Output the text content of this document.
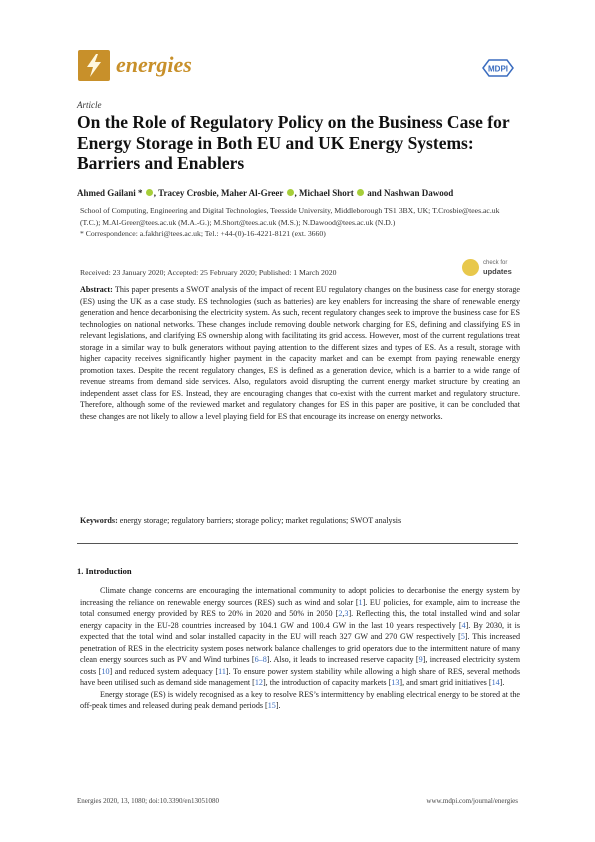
energies	MDPI
Article
On the Role of Regulatory Policy on the Business Case for Energy Storage in Both EU and UK Energy Systems: Barriers and Enablers
Ahmed Gailani * , Tracey Crosbie, Maher Al-Greer , Michael Short  and Nashwan Dawood
School of Computing, Engineering and Digital Technologies, Teesside University, Middleborough TS1 3BX, UK; T.Crosbie@tees.ac.uk (T.C.); M.Al-Greer@tees.ac.uk (M.A.-G.); M.Short@tees.ac.uk (M.S.); N.Dawood@tees.ac.uk (N.D.)
* Correspondence: a.fakhri@tees.ac.uk; Tel.: +44-(0)-16-4221-8121 (ext. 3660)
Received: 23 January 2020; Accepted: 25 February 2020; Published: 1 March 2020
check for
updates
Abstract: This paper presents a SWOT analysis of the impact of recent EU regulatory changes on the business case for energy storage (ES) using the UK as a case study. ES technologies (such as batteries) are key enablers for increasing the share of renewable energy generation and hence decarbonising the electricity system. As such, recent regulatory changes seek to improve the business case for ES technologies on national networks. These changes include removing double network charging for ES, defining and classifying ES in relevant legislations, and clarifying ES ownership along with facilitating its grid access. However, most of the current regulations treat storage in a similar way to bulk generators without paying attention to the different sizes and types of ES. As a result, storage with higher capacity receives significantly higher payment in the capacity market and can be exempt from paying renewable energy promotion taxes. Despite the recent regulatory changes, ES is defined as a generation device, which is a barrier to a wide range of revenue streams from demand side services. Also, regulators avoid disrupting the current energy market structure by creating an independent asset class for ES. Instead, they are encouraging changes that co-exist with the current market and regulatory structure. Therefore, although some of the reviewed market and regulatory changes for ES in this paper are positive, it can be concluded that these changes are not likely to allow a level playing field for ES that encourage its increase on energy networks.
Keywords: energy storage; regulatory barriers; storage policy; market regulations; SWOT analysis
1. Introduction

Climate change concerns are encouraging the international community to adopt policies to decarbonise the energy system by increasing the reliance on renewable energy sources (RES) such as wind and solar [1]. EU policies, for example, aim to increase the total consumed energy provided by RES to 20% in 2020 and 50% in 2050 [2,3]. Reflecting this, the total installed wind and solar energy capacity in the EU-28 countries increased by 104.1 GW and 100.4 GW in the last 10 years respectively [4]. By 2030, it is expected that the total wind and solar installed capacity in the EU will reach 327 GW and 270 GW respectively [5]. This increased penetration of RES in the electricity system poses network balance challenges to grid operators due to the intermittent nature of many clean energy sources such as PV and Wind turbines [6–8]. Also, it leads to increased reserve capacity [9], increased electricity system costs [10] and reduced system adequacy [11]. To ensure power system stability while allowing a high share of RES, several methods have been utilised such as demand side management [12], the introduction of capacity markets [13], and smart grid initiatives [14].

Energy storage (ES) is widely recognised as a key to resolve RES’s intermittency by enabling electrical energy to be stored at the off-peak times and released during peak demand periods [15].

Energies 2020, 13, 1080; doi:10.3390/en13051080	www.mdpi.com/journal/energies
